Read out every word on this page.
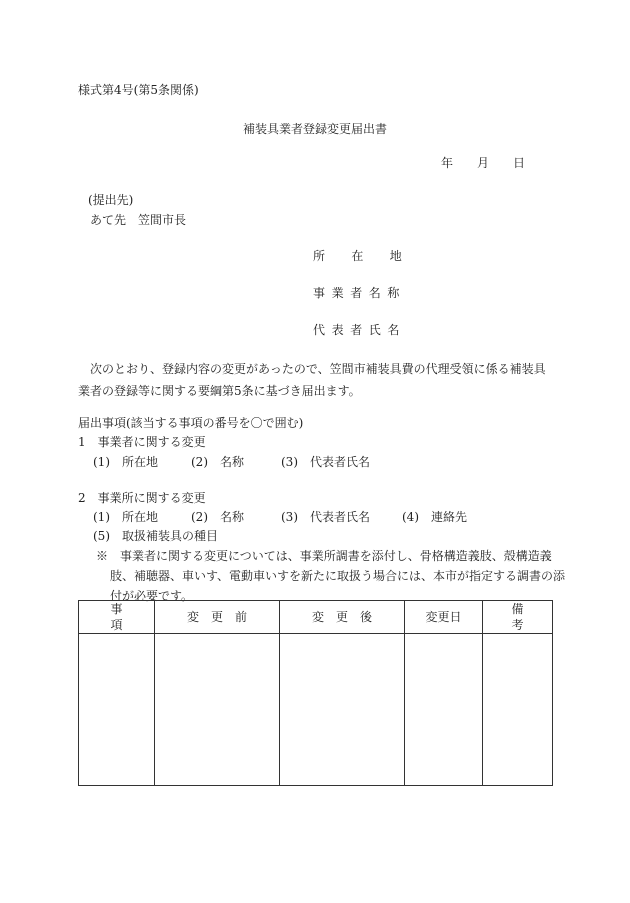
様式第4号(第5条関係)
補装具業者登録変更届出書
年 月 日
(提出先)
あて先　笠間市長
所在地
事業者名称
代表者氏名
次のとおり、登録内容の変更があったので、笠間市補装具費の代理受領に係る補装具業者の登録等に関する要綱第5条に基づき届出ます。
届出事項(該当する事項の番号を〇で囲む)
1　事業者に関する変更
(1)　所在地	(2)　名称	(3)　代表者氏名
2　事業所に関する変更
(1)　所在地	(2)　名称	(3)　代表者氏名	(4)　連絡先
(5)　取扱補装具の種目
※　事業者に関する変更については、事業所調書を添付し、骨格構造義肢、殻構造義肢、補聴器、車いす、電動車いすを新たに取扱う場合には、本市が指定する調書の添付が必要です。
事項	変更前	変更後	変更日	備考
